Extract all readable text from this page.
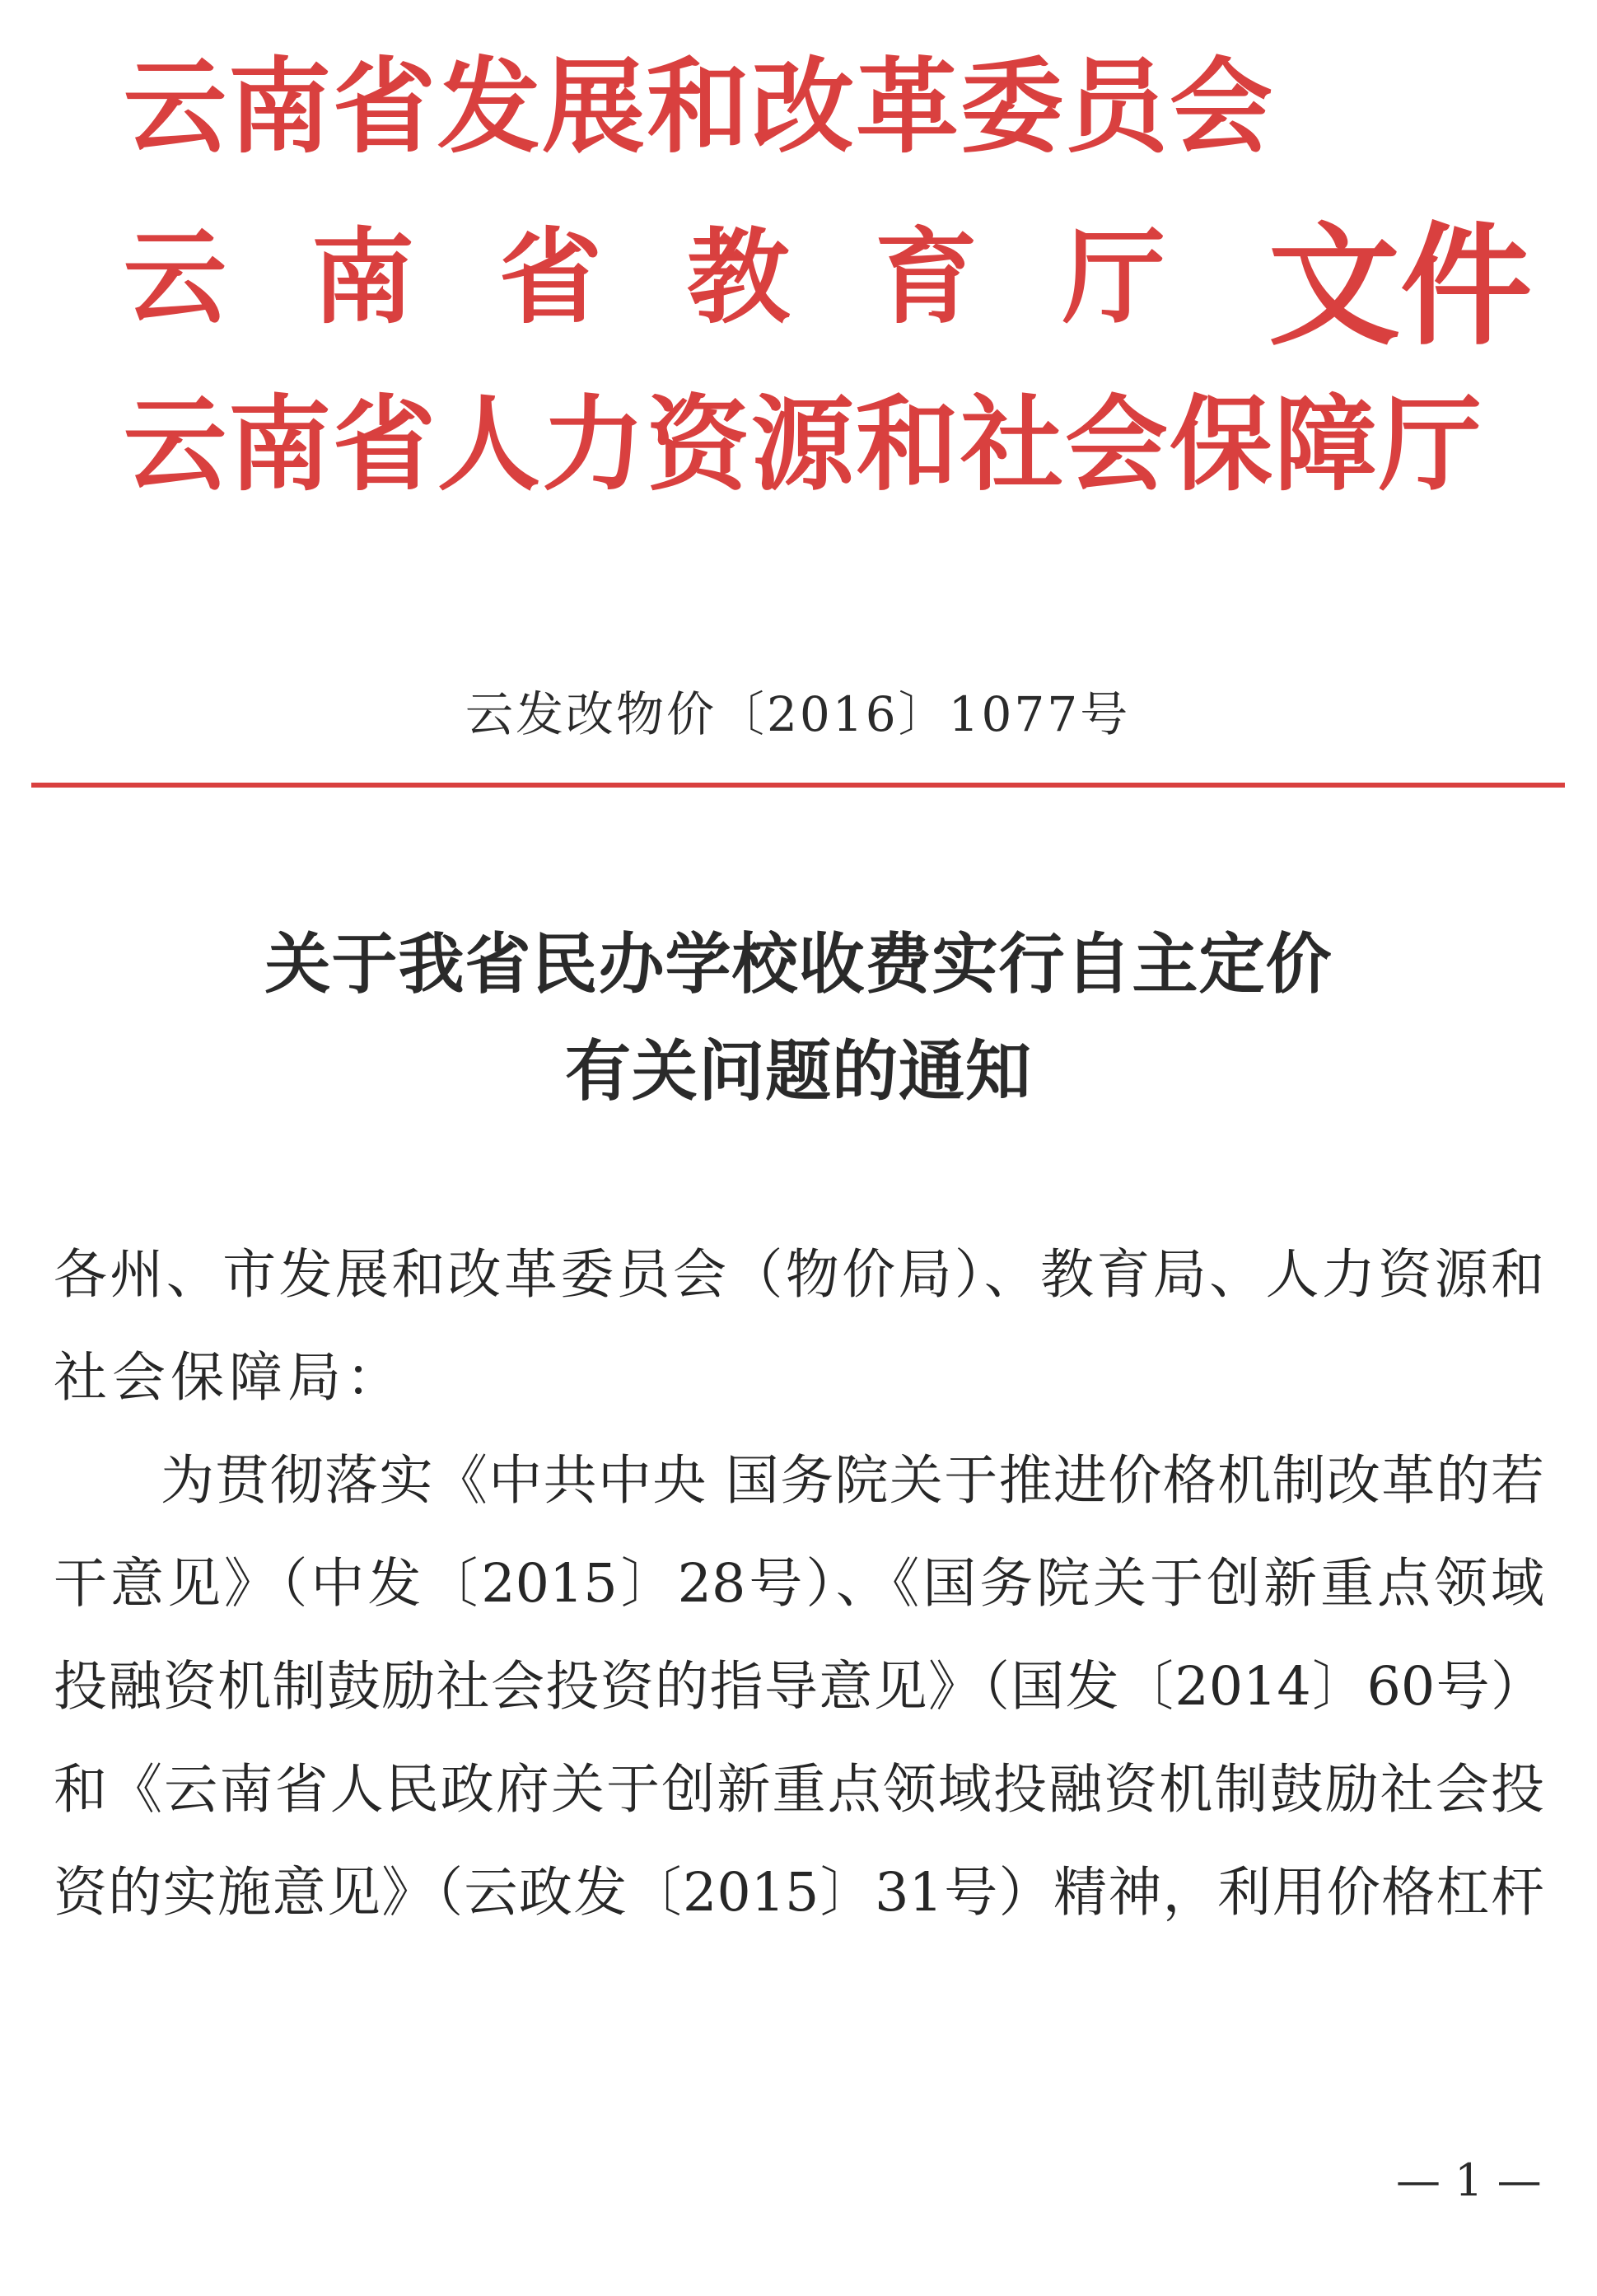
云南省发展和改革委员会
云南省教育厅
云南省人力资源和社会保障厅
文件
云发改物价〔2016〕1077号
关于我省民办学校收费实行自主定价
有关问题的通知
各州、市发展和改革委员会（物价局）、教育局、人力资源和
社会保障局：
为贯彻落实《中共中央 国务院关于推进价格机制改革的若
干意见》（中发〔2015〕28号）、《国务院关于创新重点领域
投融资机制鼓励社会投资的指导意见》（国发〔2014〕60号）
和《云南省人民政府关于创新重点领域投融资机制鼓励社会投
资的实施意见》（云政发〔2015〕31号）精神，利用价格杠杆
— 1 —
